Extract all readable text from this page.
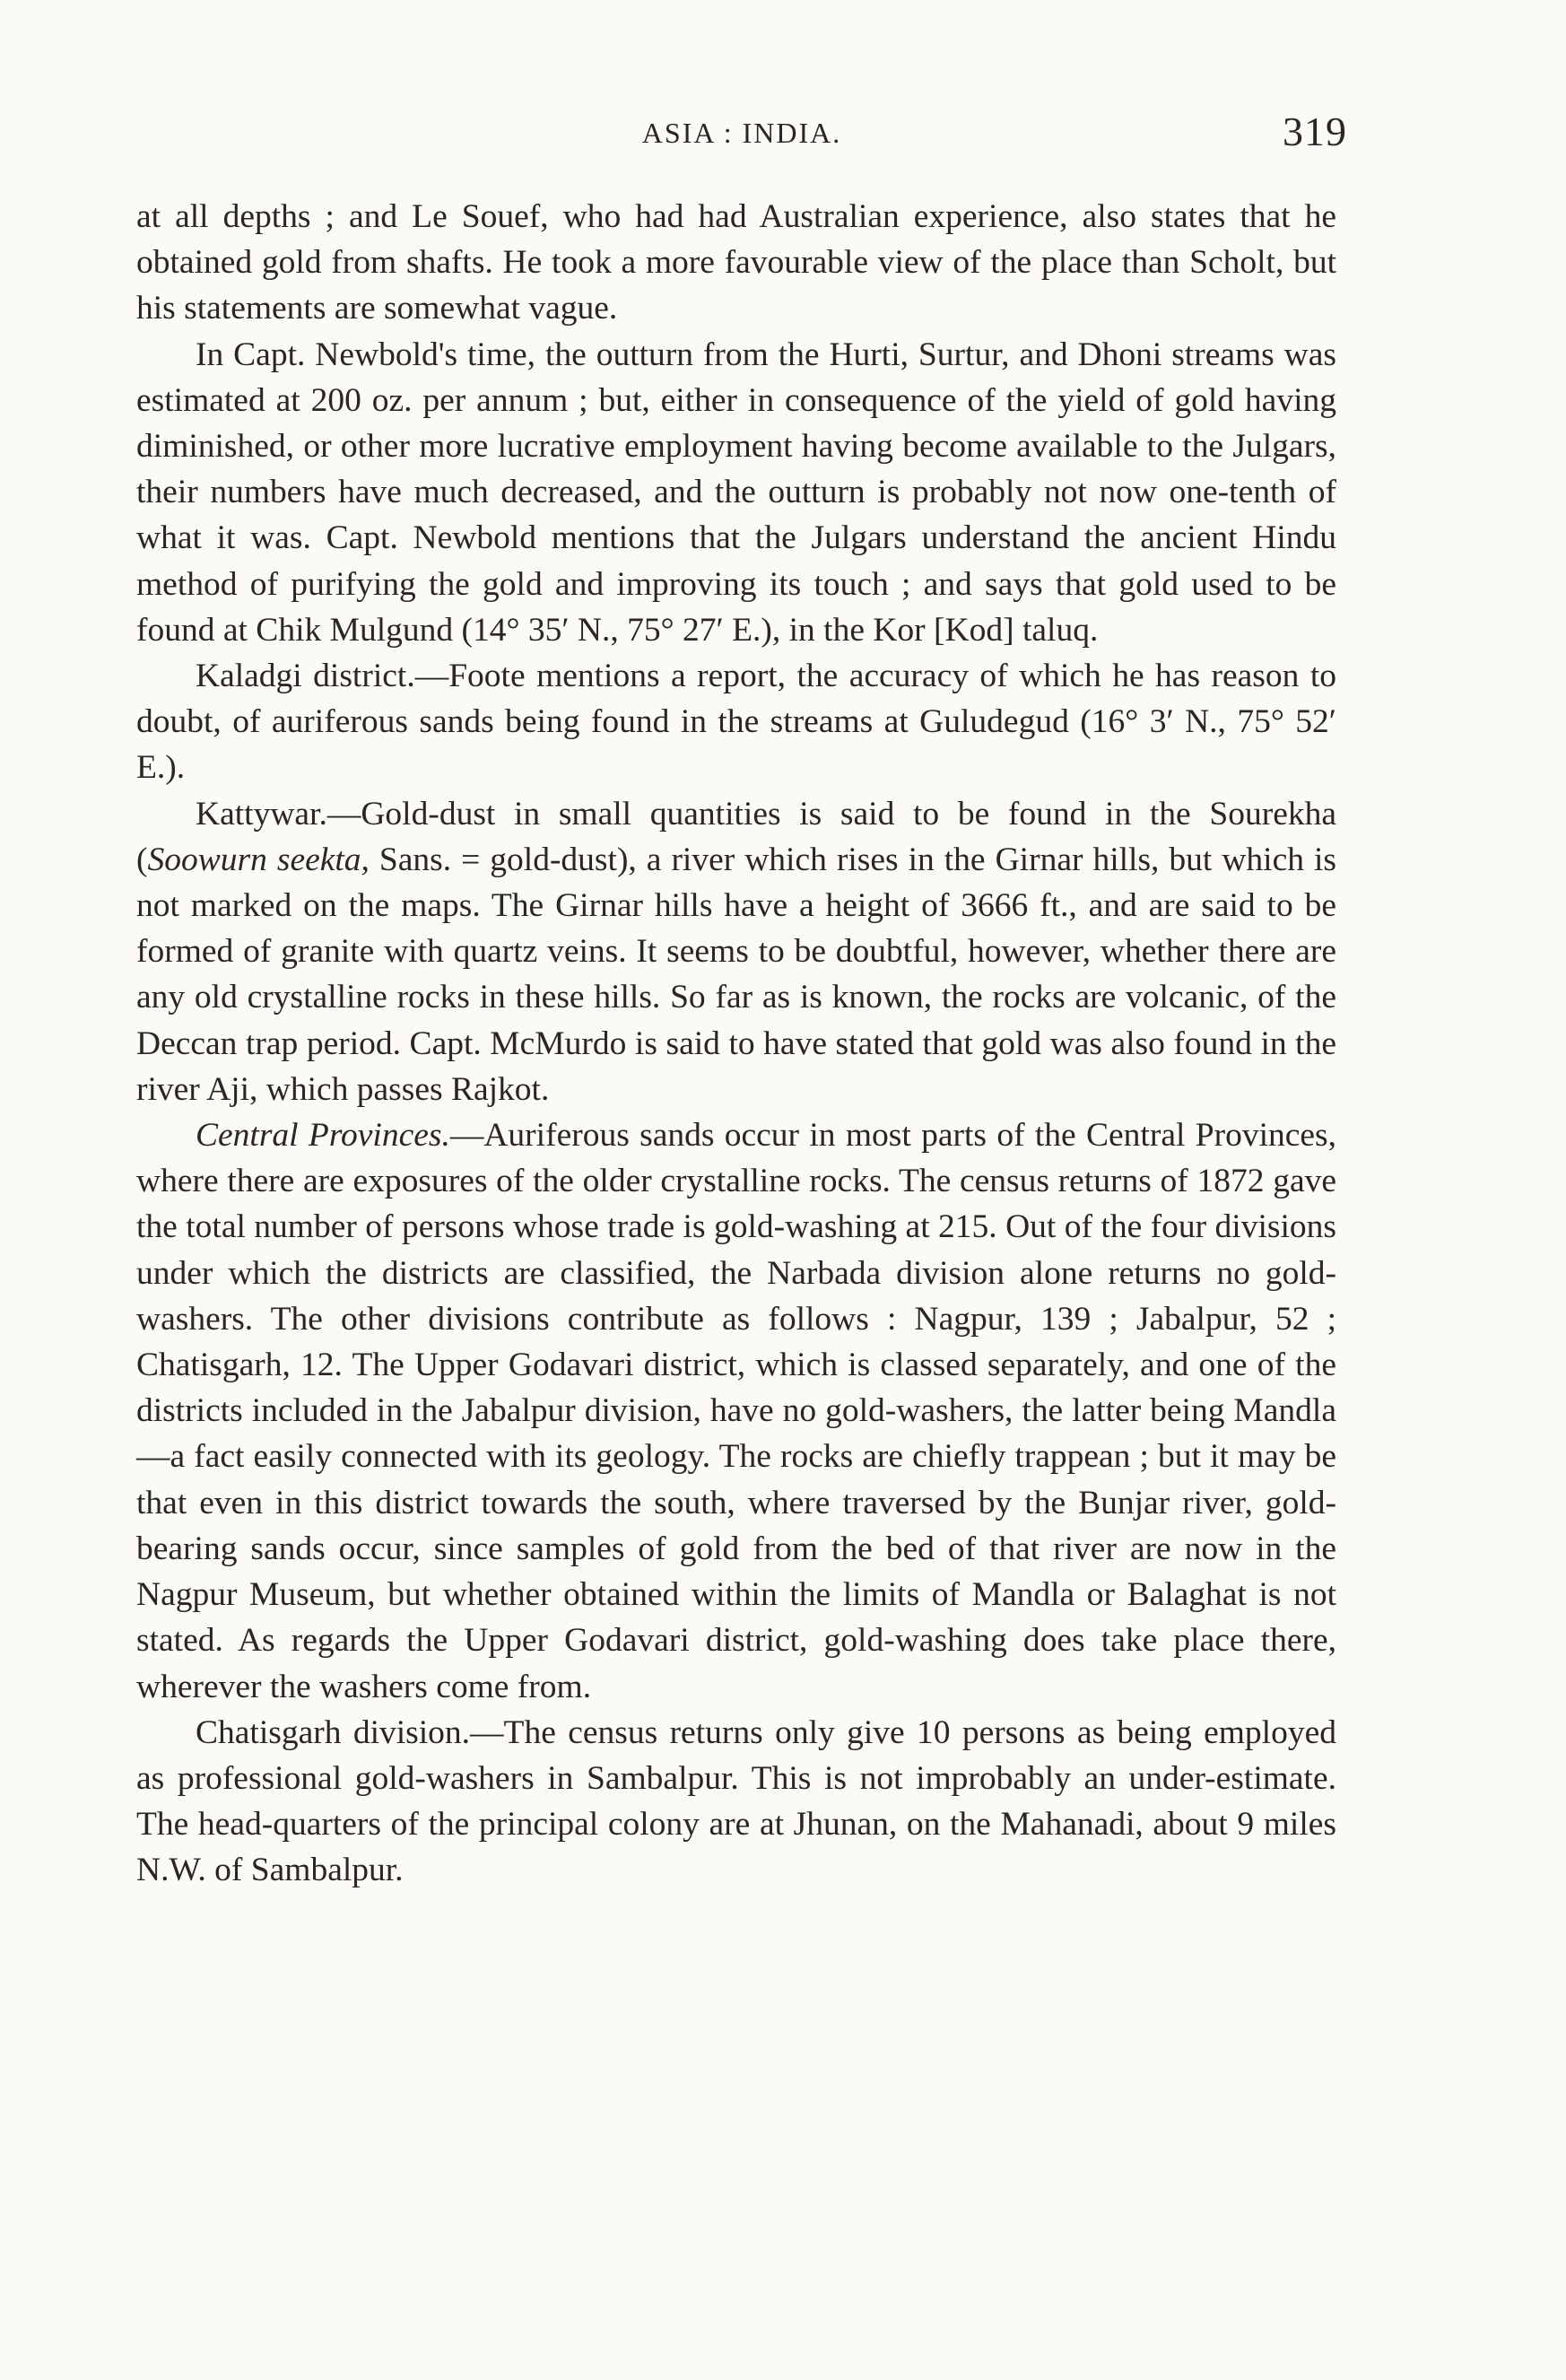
ASIA : INDIA.	319

at all depths ; and Le Souef, who had had Australian experience, also states that he obtained gold from shafts. He took a more favourable view of the place than Scholt, but his statements are somewhat vague.

In Capt. Newbold's time, the outturn from the Hurti, Surtur, and Dhoni streams was estimated at 200 oz. per annum ; but, either in consequence of the yield of gold having diminished, or other more lucrative employment having become available to the Julgars, their numbers have much decreased, and the outturn is probably not now one-tenth of what it was. Capt. Newbold mentions that the Julgars understand the ancient Hindu method of purifying the gold and improving its touch ; and says that gold used to be found at Chik Mulgund (14° 35′ N., 75° 27′ E.), in the Kor [Kod] taluq.

Kaladgi district.—Foote mentions a report, the accuracy of which he has reason to doubt, of auriferous sands being found in the streams at Guludegud (16° 3′ N., 75° 52′ E.).

Kattywar.—Gold-dust in small quantities is said to be found in the Sourekha (Soowurn seekta, Sans. = gold-dust), a river which rises in the Girnar hills, but which is not marked on the maps. The Girnar hills have a height of 3666 ft., and are said to be formed of granite with quartz veins. It seems to be doubtful, however, whether there are any old crystalline rocks in these hills. So far as is known, the rocks are volcanic, of the Deccan trap period. Capt. McMurdo is said to have stated that gold was also found in the river Aji, which passes Rajkot.

Central Provinces.—Auriferous sands occur in most parts of the Central Provinces, where there are exposures of the older crystalline rocks. The census returns of 1872 gave the total number of persons whose trade is gold-washing at 215. Out of the four divisions under which the districts are classified, the Narbada division alone returns no gold-washers. The other divisions contribute as follows : Nagpur, 139 ; Jabalpur, 52 ; Chatisgarh, 12. The Upper Godavari district, which is classed separately, and one of the districts included in the Jabalpur division, have no gold-washers, the latter being Mandla—a fact easily connected with its geology. The rocks are chiefly trappean ; but it may be that even in this district towards the south, where traversed by the Bunjar river, gold-bearing sands occur, since samples of gold from the bed of that river are now in the Nagpur Museum, but whether obtained within the limits of Mandla or Balaghat is not stated. As regards the Upper Godavari district, gold-washing does take place there, wherever the washers come from.

Chatisgarh division.—The census returns only give 10 persons as being employed as professional gold-washers in Sambalpur. This is not improbably an under-estimate. The head-quarters of the principal colony are at Jhunan, on the Mahanadi, about 9 miles N.W. of Sambalpur.
